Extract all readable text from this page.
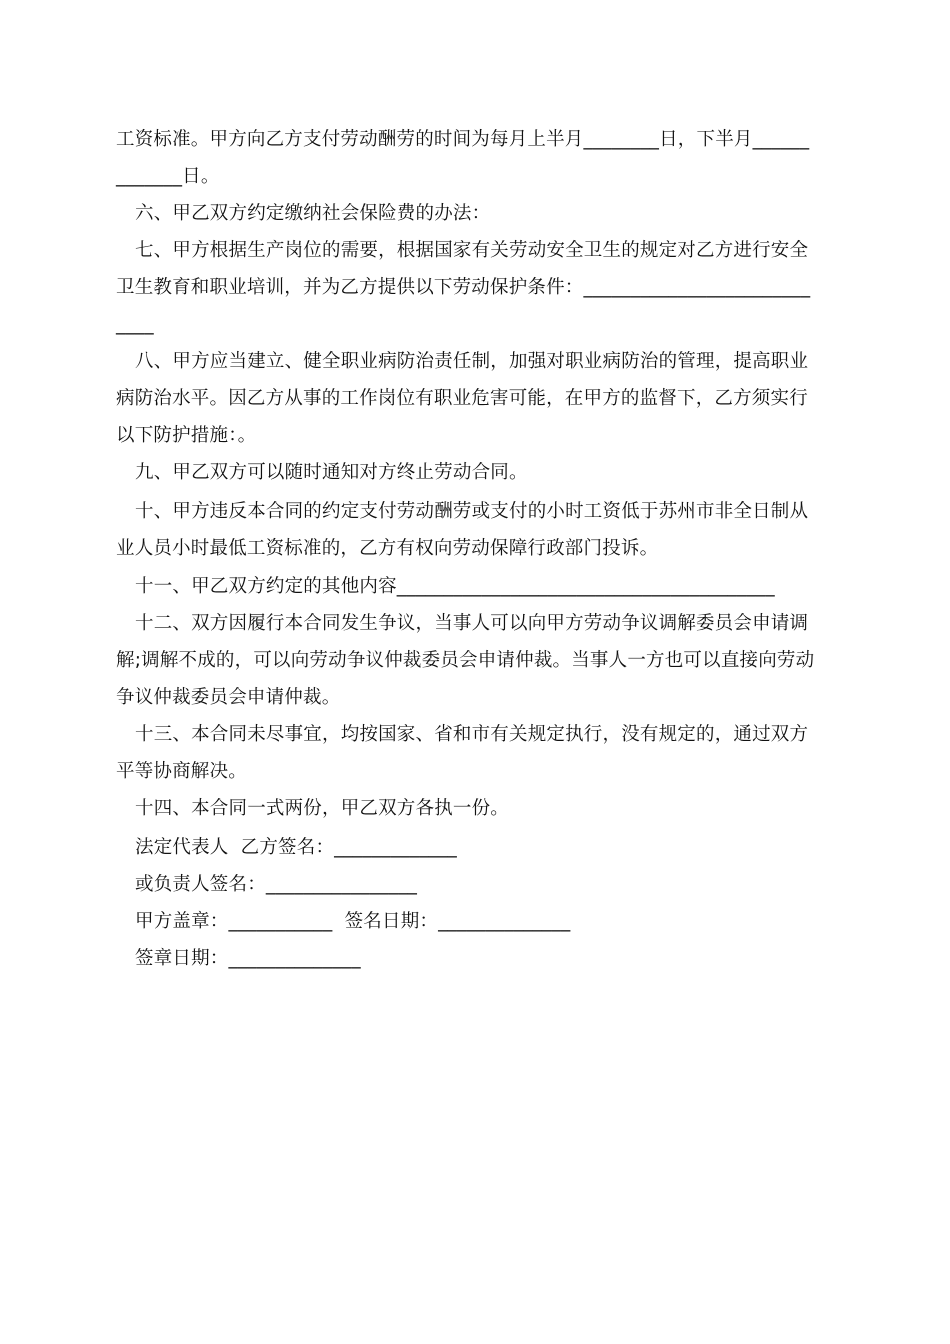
工资标准。甲方向乙方支付劳动酬劳的时间为每月上半月________日，下半月______
_______日。
六、甲乙双方约定缴纳社会保险费的办法：
七、甲方根据生产岗位的需要，根据国家有关劳动安全卫生的规定对乙方进行安全
卫生教育和职业培训，并为乙方提供以下劳动保护条件：________________________
____
八、甲方应当建立、健全职业病防治责任制，加强对职业病防治的管理，提高职业
病防治水平。因乙方从事的工作岗位有职业危害可能，在甲方的监督下，乙方须实行
以下防护措施：。
九、甲乙双方可以随时通知对方终止劳动合同。
十、甲方违反本合同的约定支付劳动酬劳或支付的小时工资低于苏州市非全日制从
业人员小时最低工资标准的，乙方有权向劳动保障行政部门投诉。
十一、甲乙双方约定的其他内容________________________________________
十二、双方因履行本合同发生争议，当事人可以向甲方劳动争议调解委员会申请调
解;调解不成的，可以向劳动争议仲裁委员会申请仲裁。当事人一方也可以直接向劳动
争议仲裁委员会申请仲裁。
十三、本合同未尽事宜，均按国家、省和市有关规定执行，没有规定的，通过双方
平等协商解决。
十四、本合同一式两份，甲乙双方各执一份。
法定代表人  乙方签名：_____________
或负责人签名：________________
甲方盖章：___________  签名日期：______________
签章日期：______________
